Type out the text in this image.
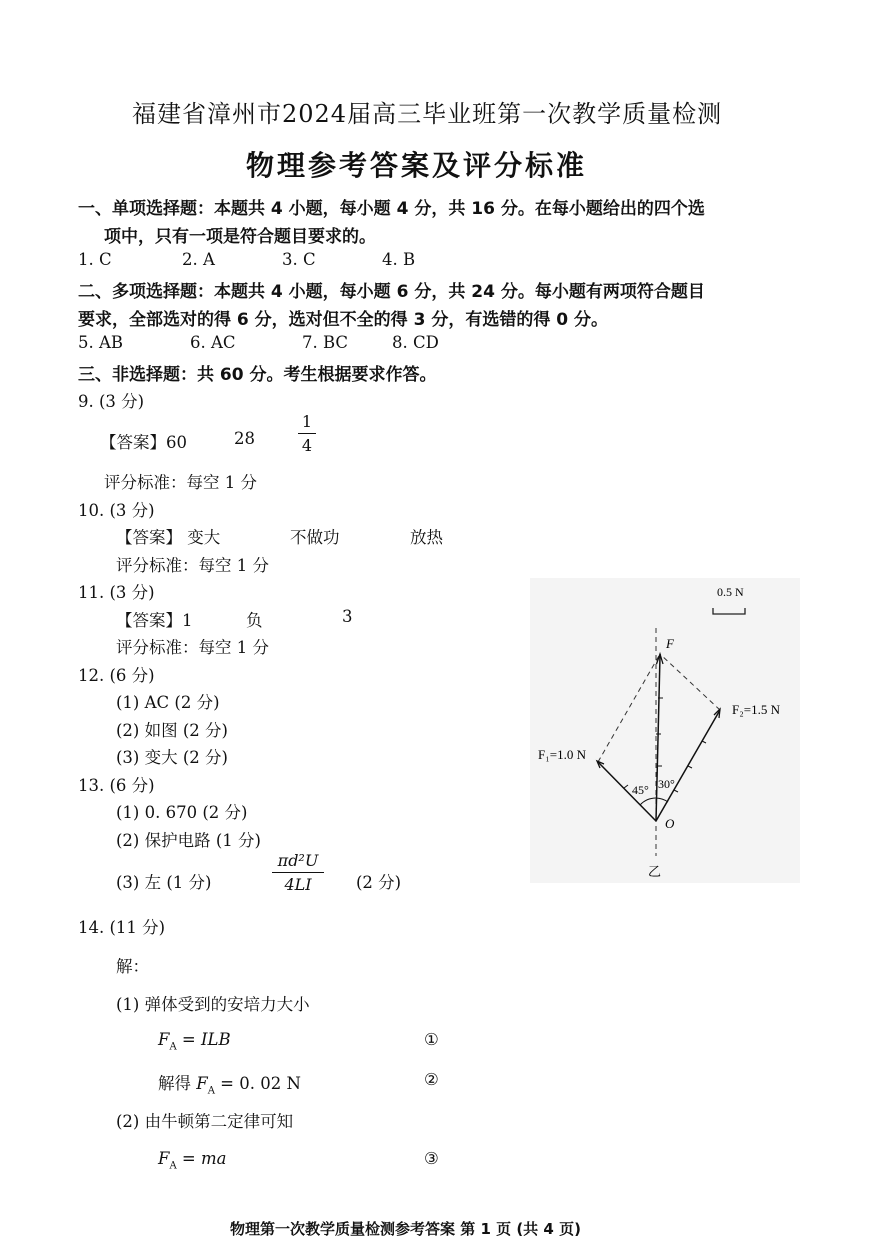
福建省漳州市2024届高三毕业班第一次教学质量检测
物理参考答案及评分标准
一、单项选择题：本题共 4 小题，每小题 4 分，共 16 分。在每小题给出的四个选
项中，只有一项是符合题目要求的。
1. C	2. A	3. C	4. B
二、多项选择题：本题共 4 小题，每小题 6 分，共 24 分。每小题有两项符合题目
要求，全部选对的得 6 分，选对但不全的得 3 分，有选错的得 0 分。
5. AB	6. AC	7. BC	8. CD
三、非选择题：共 60 分。考生根据要求作答。
9. (3 分)
【答案】60	28
1
4
评分标准：每空 1 分
10. (3 分)
【答案】 变大	不做功	放热
评分标准：每空 1 分
11. (3 分)
【答案】1	负	3
评分标准：每空 1 分
12. (6 分)
(1) AC (2 分)
(2) 如图 (2 分)
(3) 变大 (2 分)
13. (6 分)
(1) 0. 670 (2 分)
(2) 保护电路 (1 分)
(3) 左 (1 分)
πd²U
4LI	(2 分)
14. (11 分)
解：
(1) 弹体受到的安培力大小
$F_A$ = ILB	①
解得 $F_A = 0$. 02 N	②
(2) 由牛顿第二定律可知
$F_A$ = ma	③
0.5 N
F
F₁=1.0 N
F₂=1.5 N
45° 30°
O
乙
物理第一次教学质量检测参考答案 第 1 页 (共 4 页)
